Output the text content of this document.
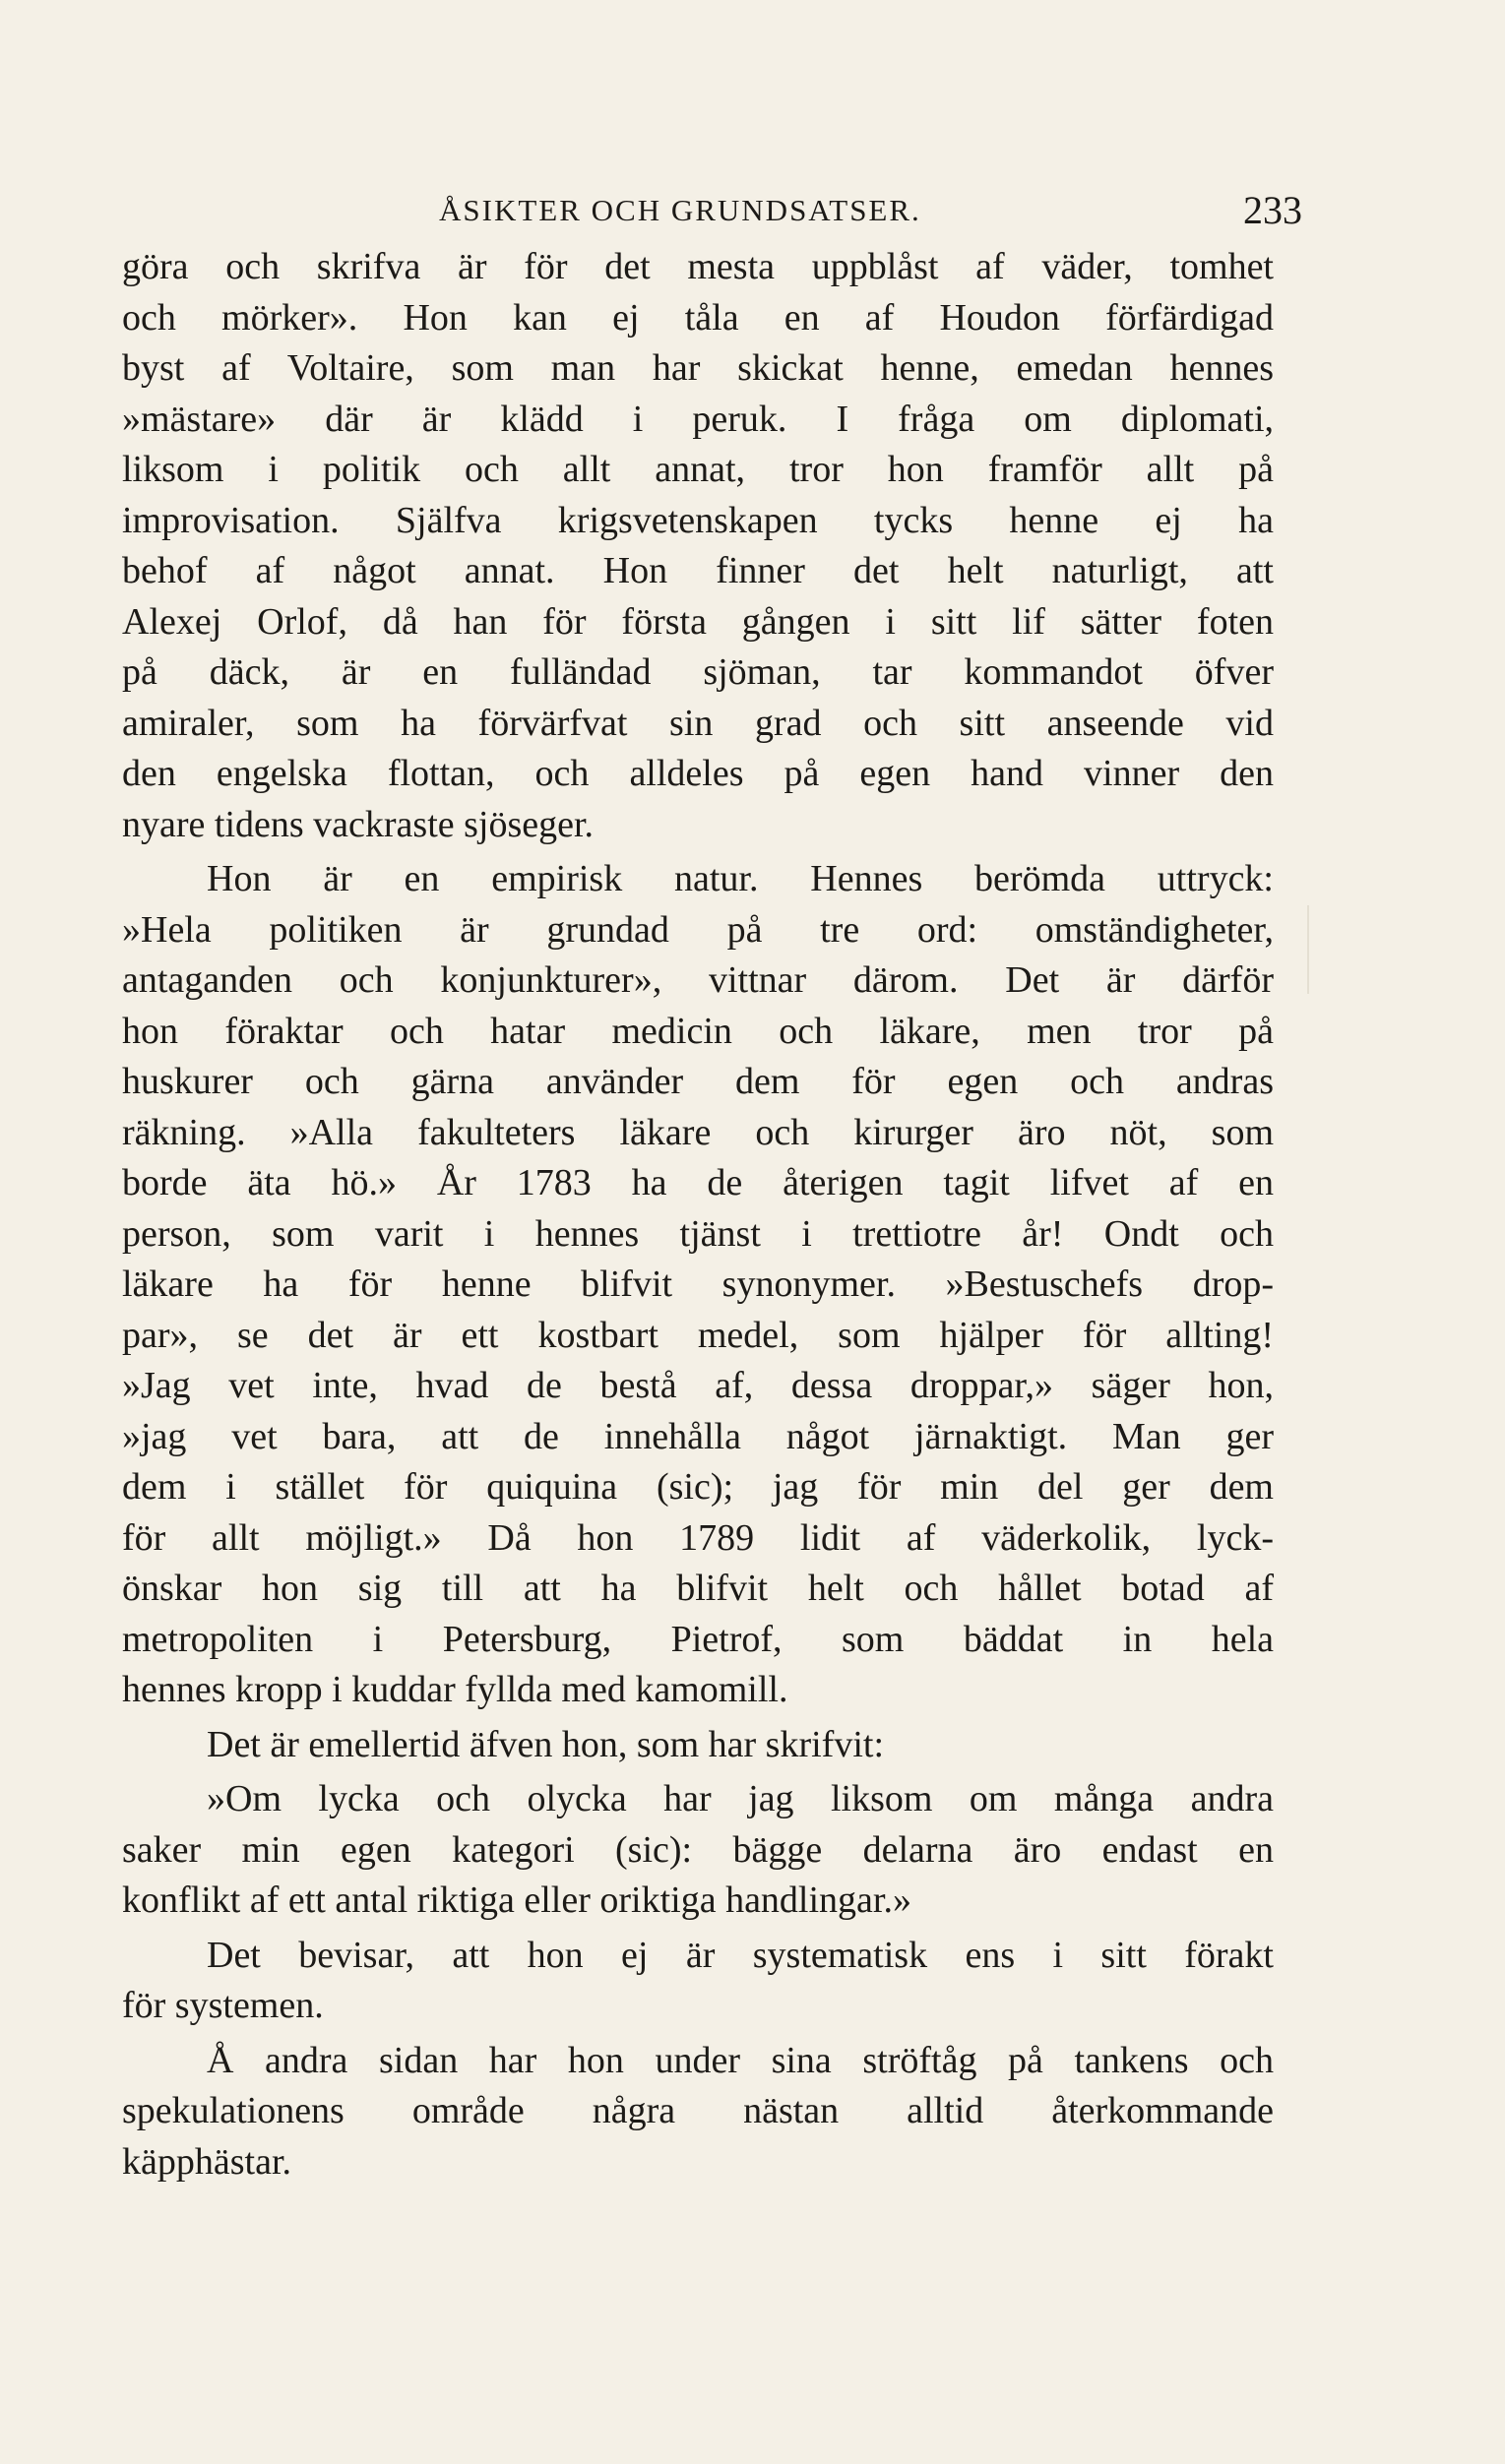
ÅSIKTER OCH GRUNDSATSER.	233
göra och skrifva är för det mesta uppblåst af väder, tomhet
och mörker». Hon kan ej tåla en af Houdon förfärdigad
byst af Voltaire, som man har skickat henne, emedan hennes
»mästare» där är klädd i peruk. I fråga om diplomati,
liksom i politik och allt annat, tror hon framför allt på
improvisation. Själfva krigsvetenskapen tycks henne ej ha
behof af något annat. Hon finner det helt naturligt, att
Alexej Orlof, då han för första gången i sitt lif sätter foten
på däck, är en fulländad sjöman, tar kommandot öfver
amiraler, som ha förvärfvat sin grad och sitt anseende vid
den engelska flottan, och alldeles på egen hand vinner den
nyare tidens vackraste sjöseger.
Hon är en empirisk natur. Hennes berömda uttryck:
»Hela politiken är grundad på tre ord: omständigheter,
antaganden och konjunkturer», vittnar därom. Det är därför
hon föraktar och hatar medicin och läkare, men tror på
huskurer och gärna använder dem för egen och andras
räkning. »Alla fakulteters läkare och kirurger äro nöt, som
borde äta hö.» År 1783 ha de återigen tagit lifvet af en
person, som varit i hennes tjänst i trettiotre år! Ondt och
läkare ha för henne blifvit synonymer. »Bestuschefs drop-
par», se det är ett kostbart medel, som hjälper för allting!
»Jag vet inte, hvad de bestå af, dessa droppar,» säger hon,
»jag vet bara, att de innehålla något järnaktigt. Man ger
dem i stället för quiquina (sic); jag för min del ger dem
för allt möjligt.» Då hon 1789 lidit af väderkolik, lyck-
önskar hon sig till att ha blifvit helt och hållet botad af
metropoliten i Petersburg, Pietrof, som bäddat in hela
hennes kropp i kuddar fyllda med kamomill.
Det är emellertid äfven hon, som har skrifvit:
»Om lycka och olycka har jag liksom om många andra
saker min egen kategori (sic): bägge delarna äro endast en
konflikt af ett antal riktiga eller oriktiga handlingar.»
Det bevisar, att hon ej är systematisk ens i sitt förakt
för systemen.
Å andra sidan har hon under sina ströftåg på tankens och
spekulationens område några nästan alltid återkommande
käpphästar.
